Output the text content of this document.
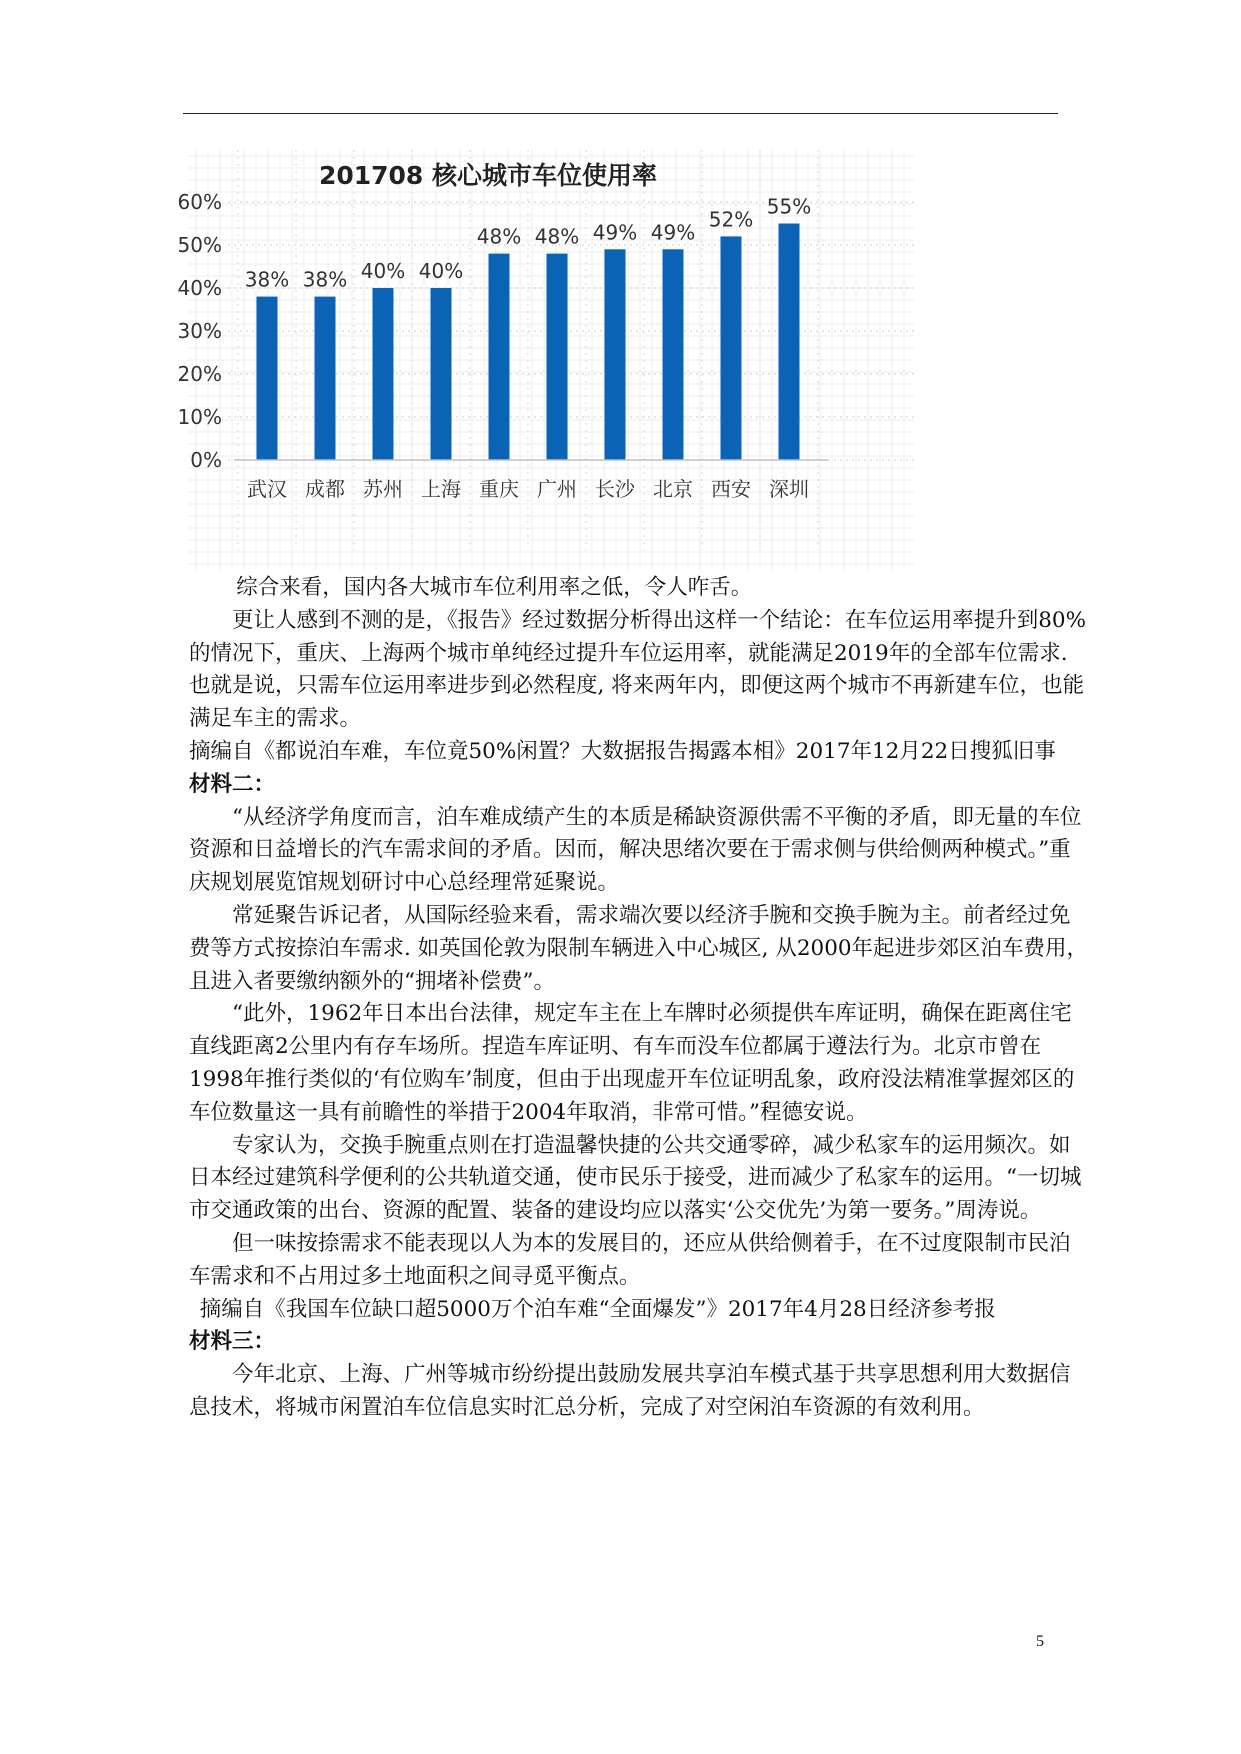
201708 核心城市车位使用率
0%
10%
20%
30%
40%
50%
60%
38% 38% 40% 40%
48% 48% 49% 49%
52%
55%
武汉 成都 苏州 上海 重庆 广州 长沙 北京 西安 深圳

综合来看，国内各大城市车位利用率之低，令人咋舌。

更让人感到不测的是，《报告》经过数据分析得出这样一个结论：在车位运用率提升到80%的情况下，重庆、上海两个城市单纯经过提升车位运用率，就能满足2019年的全部车位需求. 也就是说，只需车位运用率进步到必然程度, 将来两年内，即便这两个城市不再新建车位，也能满足车主的需求。

摘编自《都说泊车难，车位竟50%闲置？大数据报告揭露本相》2017年12月22日搜狐旧事

材料二：

“从经济学角度而言，泊车难成绩产生的本质是稀缺资源供需不平衡的矛盾，即无量的车位资源和日益增长的汽车需求间的矛盾。因而，解决思绪次要在于需求侧与供给侧两种模式。”重庆规划展览馆规划研讨中心总经理常延聚说。

常延聚告诉记者，从国际经验来看，需求端次要以经济手腕和交换手腕为主。前者经过免费等方式按捺泊车需求. 如英国伦敦为限制车辆进入中心城区, 从2000年起进步郊区泊车费用，且进入者要缴纳额外的“拥堵补偿费”。

“此外，1962年日本出台法律，规定车主在上车牌时必须提供车库证明，确保在距离住宅直线距离2公里内有存车场所。捏造车库证明、有车而没车位都属于遵法行为。北京市曾在1998年推行类似的‘有位购车’制度，但由于出现虚开车位证明乱象，政府没法精准掌握郊区的车位数量这一具有前瞻性的举措于2004年取消，非常可惜。”程德安说。

专家认为，交换手腕重点则在打造温馨快捷的公共交通零碎，减少私家车的运用频次。如日本经过建筑科学便利的公共轨道交通，使市民乐于接受，进而减少了私家车的运用。“一切城市交通政策的出台、资源的配置、装备的建设均应以落实‘公交优先’为第一要务。”周涛说。

但一味按捺需求不能表现以人为本的发展目的，还应从供给侧着手，在不过度限制市民泊车需求和不占用过多土地面积之间寻觅平衡点。

摘编自《我国车位缺口超5000万个泊车难“全面爆发”》2017年4月28日经济参考报

材料三：

今年北京、上海、广州等城市纷纷提出鼓励发展共享泊车模式基于共享思想利用大数据信息技术，将城市闲置泊车位信息实时汇总分析，完成了对空闲泊车资源的有效利用。

5
